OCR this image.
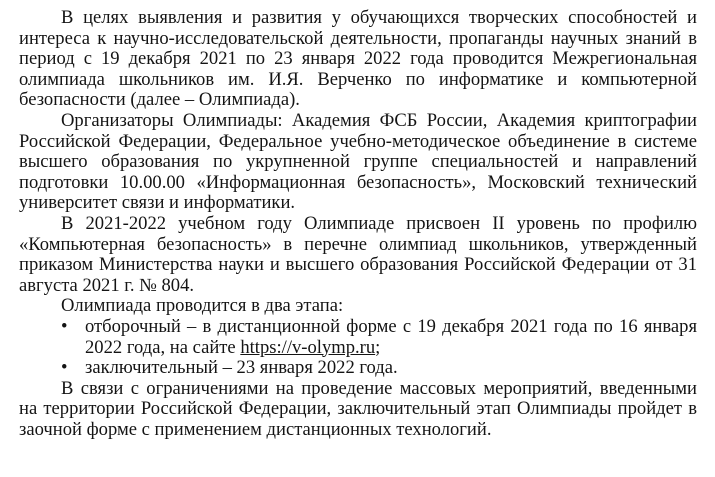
В целях выявления и развития у обучающихся творческих способностей и интереса к научно-исследовательской деятельности, пропаганды научных знаний в период с 19 декабря 2021 по 23 января 2022 года проводится Межрегиональная олимпиада школьников им. И.Я. Верченко по информатике и компьютерной безопасности (далее – Олимпиада).

Организаторы Олимпиады: Академия ФСБ России, Академия криптографии Российской Федерации, Федеральное учебно-методическое объединение в системе высшего образования по укрупненной группе специальностей и направлений подготовки 10.00.00 «Информационная безопасность», Московский технический университет связи и информатики.

В 2021-2022 учебном году Олимпиаде присвоен II уровень по профилю «Компьютерная безопасность» в перечне олимпиад школьников, утвержденный приказом Министерства науки и высшего образования Российской Федерации от 31 августа 2021 г. № 804.

Олимпиада проводится в два этапа:

• отборочный – в дистанционной форме с 19 декабря 2021 года по 16 января 2022 года, на сайте https://v-olymp.ru;
• заключительный – 23 января 2022 года.

В связи с ограничениями на проведение массовых мероприятий, введенными на территории Российской Федерации, заключительный этап Олимпиады пройдет в заочной форме с применением дистанционных технологий.
